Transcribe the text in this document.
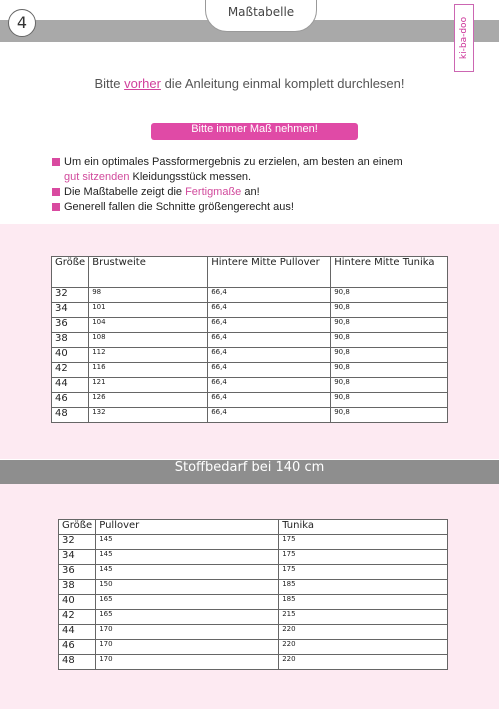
4
Maßtabelle
ki-ba-doo
Bitte vorher die Anleitung einmal komplett durchlesen!
Bitte immer Maß nehmen!
Um ein optimales Passformergebnis zu erzielen, am besten an einem
gut sitzenden Kleidungsstück messen.
Die Maßtabelle zeigt die Fertigmaße an!
Generell fallen die Schnitte größengerecht aus!
Stoffbedarf bei 140 cm
Größe	Brustweite	Hintere Mitte Pullover	Hintere Mitte Tunika
32	98	66,4	90,8
34	101	66,4	90,8
36	104	66,4	90,8
38	108	66,4	90,8
40	112	66,4	90,8
42	116	66,4	90,8
44	121	66,4	90,8
46	126	66,4	90,8
48	132	66,4	90,8
Größe	Pullover	Tunika
32	145	175
34	145	175
36	145	175
38	150	185
40	165	185
42	165	215
44	170	220
46	170	220
48	170	220
